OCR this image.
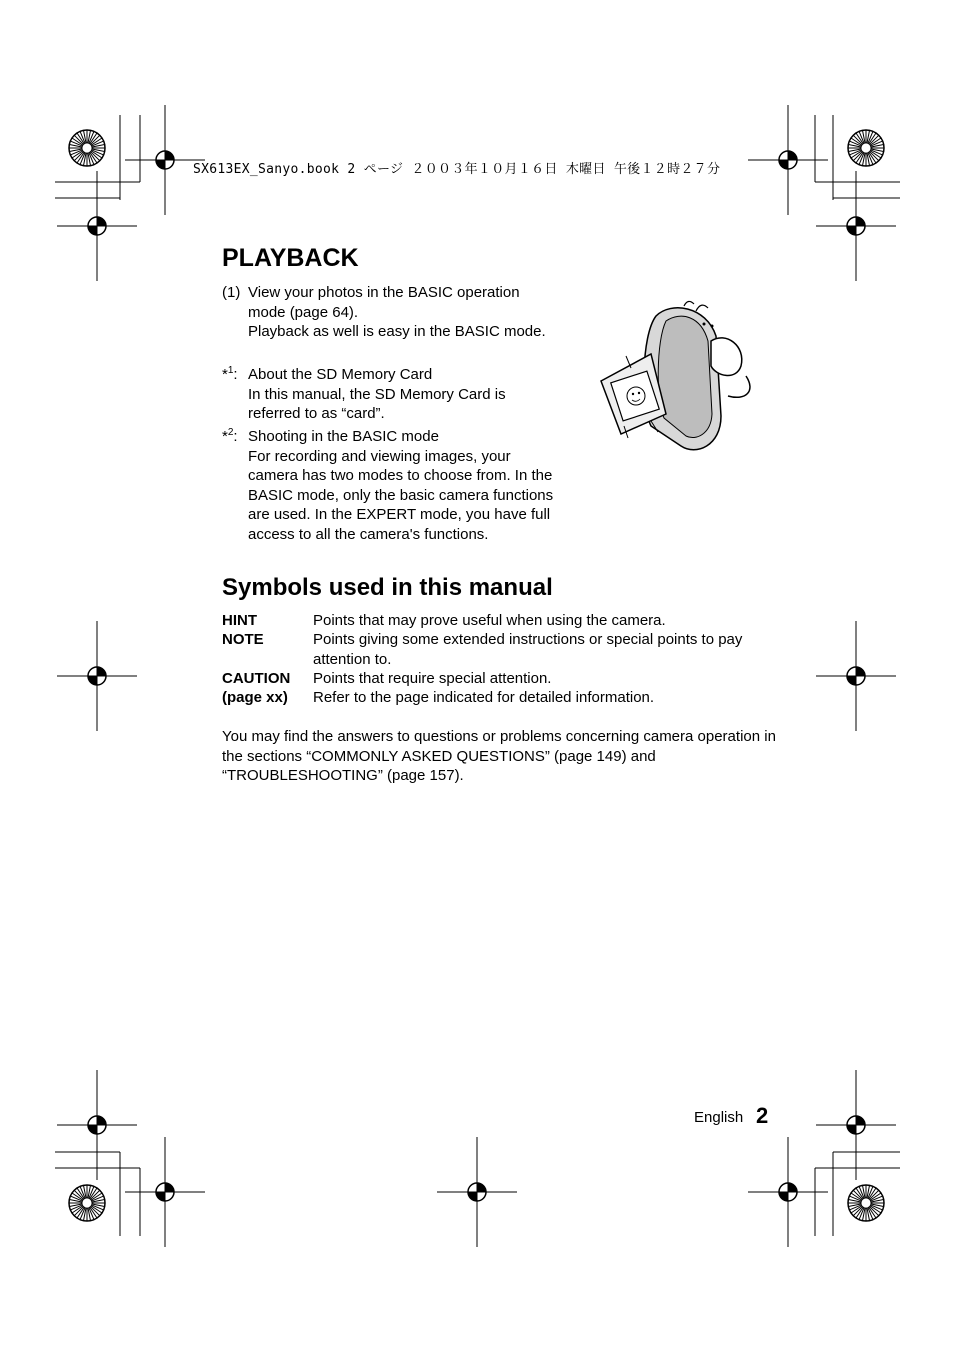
SX613EX_Sanyo.book 2 ページ ２００３年１０月１６日 木曜日 午後１２時２７分
PLAYBACK
(1) View your photos in the BASIC operation
mode (page 64).
Playback as well is easy in the BASIC mode.
*$^1$: About the SD Memory Card
In this manual, the SD Memory Card is
referred to as “card”.
*$^2$: Shooting in the BASIC mode
For recording and viewing images, your
camera has two modes to choose from. In the
BASIC mode, only the basic camera functions
are used. In the EXPERT mode, you have full
access to all the camera's functions.
Symbols used in this manual
HINT	Points that may prove useful when using the camera.
NOTE	Points giving some extended instructions or special points to pay attention to.
CAUTION Points that require special attention.
(page xx) Refer to the page indicated for detailed information.
You may find the answers to questions or problems concerning camera operation in the sections “COMMONLY ASKED QUESTIONS” (page 149) and “TROUBLESHOOTING” (page 157).
English 2
